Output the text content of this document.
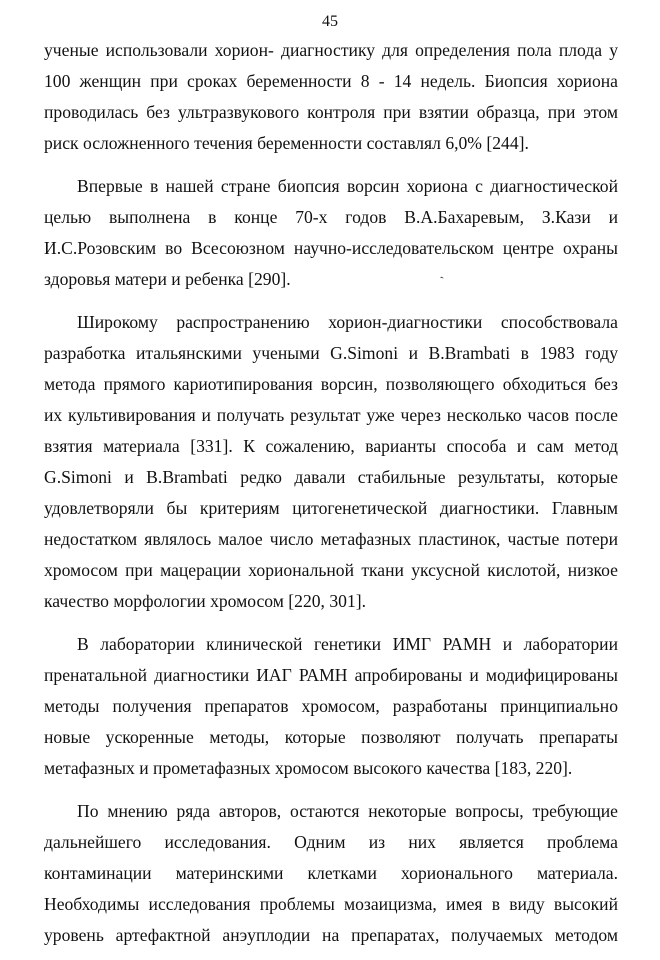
45
ˏ
ученые использовали хорион- диагностику для определения пола плода у
100 женщин при сроках беременности 8 - 14 недель. Биопсия хориона
проводилась без ультразвукового контроля при взятии образца, при этом
риск осложненного течения беременности составлял 6,0% [244].
Впервые в нашей стране биопсия ворсин хориона с диагностической
целью выполнена в конце 70-х годов В.А.Бахаревым, З.Кази и
И.С.Розовским во Всесоюзном научно-исследовательском центре охраны
здоровья матери и ребенка [290].
Широкому распространению хорион-диагностики способствовала
разработка итальянскими учеными G.Simoni и B.Brambati в 1983 году
метода прямого кариотипирования ворсин, позволяющего обходиться без
их культивирования и получать результат уже через несколько часов после
взятия материала [331]. К сожалению, варианты способа и сам метод
G.Simoni и B.Brambati редко давали стабильные результаты, которые
удовлетворяли бы критериям цитогенетической диагностики. Главным
недостатком являлось малое число метафазных пластинок, частые потери
хромосом при мацерации хориональной ткани уксусной кислотой, низкое
качество морфологии хромосом [220, 301].
В лаборатории клинической генетики ИМГ РАМН и лаборатории
пренатальной диагностики ИАГ РАМН апробированы и модифицированы
методы получения препаратов хромосом, разработаны принципиально
новые ускоренные методы, которые позволяют получать препараты
метафазных и прометафазных хромосом высокого качества [183, 220].
По мнению ряда авторов, остаются некоторые вопросы, требующие
дальнейшего исследования. Одним из них является проблема
контаминации материнскими клетками хорионального материала.
Необходимы исследования проблемы мозаицизма, имея в виду высокий
уровень артефактной анэуплодии на препаратах, получаемых методом
